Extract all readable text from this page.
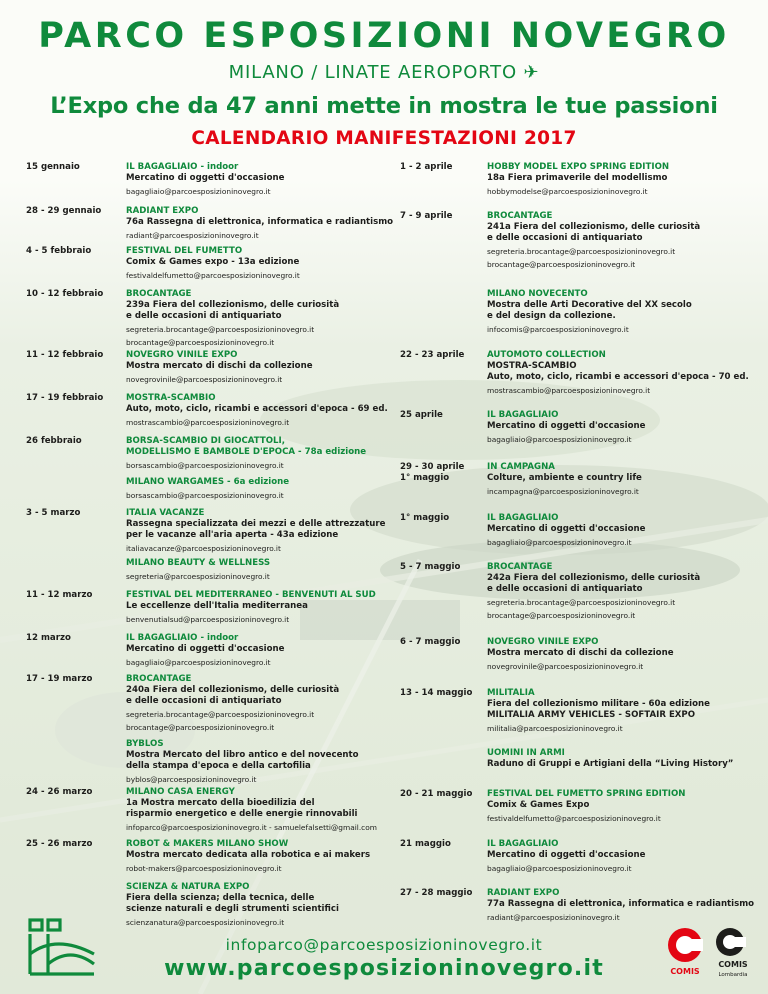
PARCO ESPOSIZIONI NOVEGRO
MILANO / LINATE AEROPORTO ✈
L’Expo che da 47 anni mette in mostra le tue passioni
CALENDARIO MANIFESTAZIONI 2017
15 gennaio	IL BAGAGLIAIO - indoor
Mercatino di oggetti d'occasione
bagagliaio@parcoesposizioninovegro.it
28 - 29 gennaio	RADIANT EXPO
76a Rassegna di elettronica, informatica e radiantismo
radiant@parcoesposizioninovegro.it
4 - 5 febbraio	FESTIVAL DEL FUMETTO
Comix & Games expo - 13a edizione
festivaldelfumetto@parcoesposizioninovegro.it
10 - 12 febbraio	BROCANTAGE
239a Fiera del collezionismo, delle curiosità
e delle occasioni di antiquariato
segreteria.brocantage@parcoesposizioninovegro.it
brocantage@parcoesposizioninovegro.it
11 - 12 febbraio	NOVEGRO VINILE EXPO
Mostra mercato di dischi da collezione
novegrovinile@parcoesposizioninovegro.it
17 - 19 febbraio	MOSTRA-SCAMBIO
Auto, moto, ciclo, ricambi e accessori d'epoca - 69 ed.
mostrascambio@parcoesposizioninovegro.it
26 febbraio	BORSA-SCAMBIO DI GIOCATTOLI,
MODELLISMO E BAMBOLE D'EPOCA - 78a edizione
borsascambio@parcoesposizioninovegro.it
MILANO WARGAMES - 6a edizione
borsascambio@parcoesposizioninovegro.it
3 - 5 marzo	ITALIA VACANZE
Rassegna specializzata dei mezzi e delle attrezzature
per le vacanze all'aria aperta - 43a edizione
italiavacanze@parcoesposizioninovegro.it
MILANO BEAUTY & WELLNESS
segreteria@parcoesposizioninovegro.it
11 - 12 marzo	FESTIVAL DEL MEDITERRANEO - BENVENUTI AL SUD
Le eccellenze dell'Italia mediterranea
benvenutialsud@parcoesposizioninovegro.it
12 marzo	IL BAGAGLIAIO - indoor
Mercatino di oggetti d'occasione
bagagliaio@parcoesposizioninovegro.it
17 - 19 marzo	BROCANTAGE
240a Fiera del collezionismo, delle curiosità
e delle occasioni di antiquariato
segreteria.brocantage@parcoesposizioninovegro.it
brocantage@parcoesposizioninovegro.it
BYBLOS
Mostra Mercato del libro antico e del novecento
della stampa d'epoca e della cartofilia
byblos@parcoesposizioninovegro.it
24 - 26 marzo	MILANO CASA ENERGY
1a Mostra mercato della bioedilizia del
risparmio energetico e delle energie rinnovabili
infoparco@parcoesposizioninovegro.it - samuelefalsetti@gmail.com
25 - 26 marzo	ROBOT & MAKERS MILANO SHOW
Mostra mercato dedicata alla robotica e ai makers
robot-makers@parcoesposizioninovegro.it
SCIENZA & NATURA EXPO
Fiera della scienza; della tecnica, delle
scienze naturali e degli strumenti scientifici
scienzanatura@parcoesposizioninovegro.it
1 - 2 aprile	HOBBY MODEL EXPO SPRING EDITION
18a Fiera primaverile del modellismo
hobbymodelse@parcoesposizioninovegro.it
7 - 9 aprile	BROCANTAGE
241a Fiera del collezionismo, delle curiosità
e delle occasioni di antiquariato
segreteria.brocantage@parcoesposizioninovegro.it
brocantage@parcoesposizioninovegro.it
MILANO NOVECENTO
Mostra delle Arti Decorative del XX secolo
e del design da collezione.
infocomis@parcoesposizioninovegro.it
22 - 23 aprile	AUTOMOTO COLLECTION
MOSTRA-SCAMBIO
Auto, moto, ciclo, ricambi e accessori d'epoca - 70 ed.
mostrascambio@parcoesposizioninovegro.it
25 aprile	IL BAGAGLIAIO
Mercatino di oggetti d'occasione
bagagliaio@parcoesposizioninovegro.it
29 - 30 aprile
1° maggio
IN CAMPAGNA
Colture, ambiente e country life
incampagna@parcoesposizioninovegro.it
1° maggio	IL BAGAGLIAIO
Mercatino di oggetti d'occasione
bagagliaio@parcoesposizioninovegro.it
5 - 7 maggio	BROCANTAGE
242a Fiera del collezionismo, delle curiosità
e delle occasioni di antiquariato
segreteria.brocantage@parcoesposizioninovegro.it
brocantage@parcoesposizioninovegro.it
6 - 7 maggio	NOVEGRO VINILE EXPO
Mostra mercato di dischi da collezione
novegrovinile@parcoesposizioninovegro.it
13 - 14 maggio MILITALIA
Fiera del collezionismo militare - 60a edizione
MILITALIA ARMY VEHICLES - SOFTAIR EXPO
militalia@parcoesposizioninovegro.it
UOMINI IN ARMI
Raduno di Gruppi e Artigiani della “Living History”
20 - 21 maggio FESTIVAL DEL FUMETTO SPRING EDITION
Comix & Games Expo
festivaldelfumetto@parcoesposizioninovegro.it
21 maggio	IL BAGAGLIAIO
Mercatino di oggetti d'occasione
bagagliaio@parcoesposizioninovegro.it
27 - 28 maggio RADIANT EXPO
77a Rassegna di elettronica, informatica e radiantismo
radiant@parcoesposizioninovegro.it
infoparco@parcoesposizioninovegro.it
www.parcoesposizioninovegro.it	COMIS
COMIS
Lombardia
